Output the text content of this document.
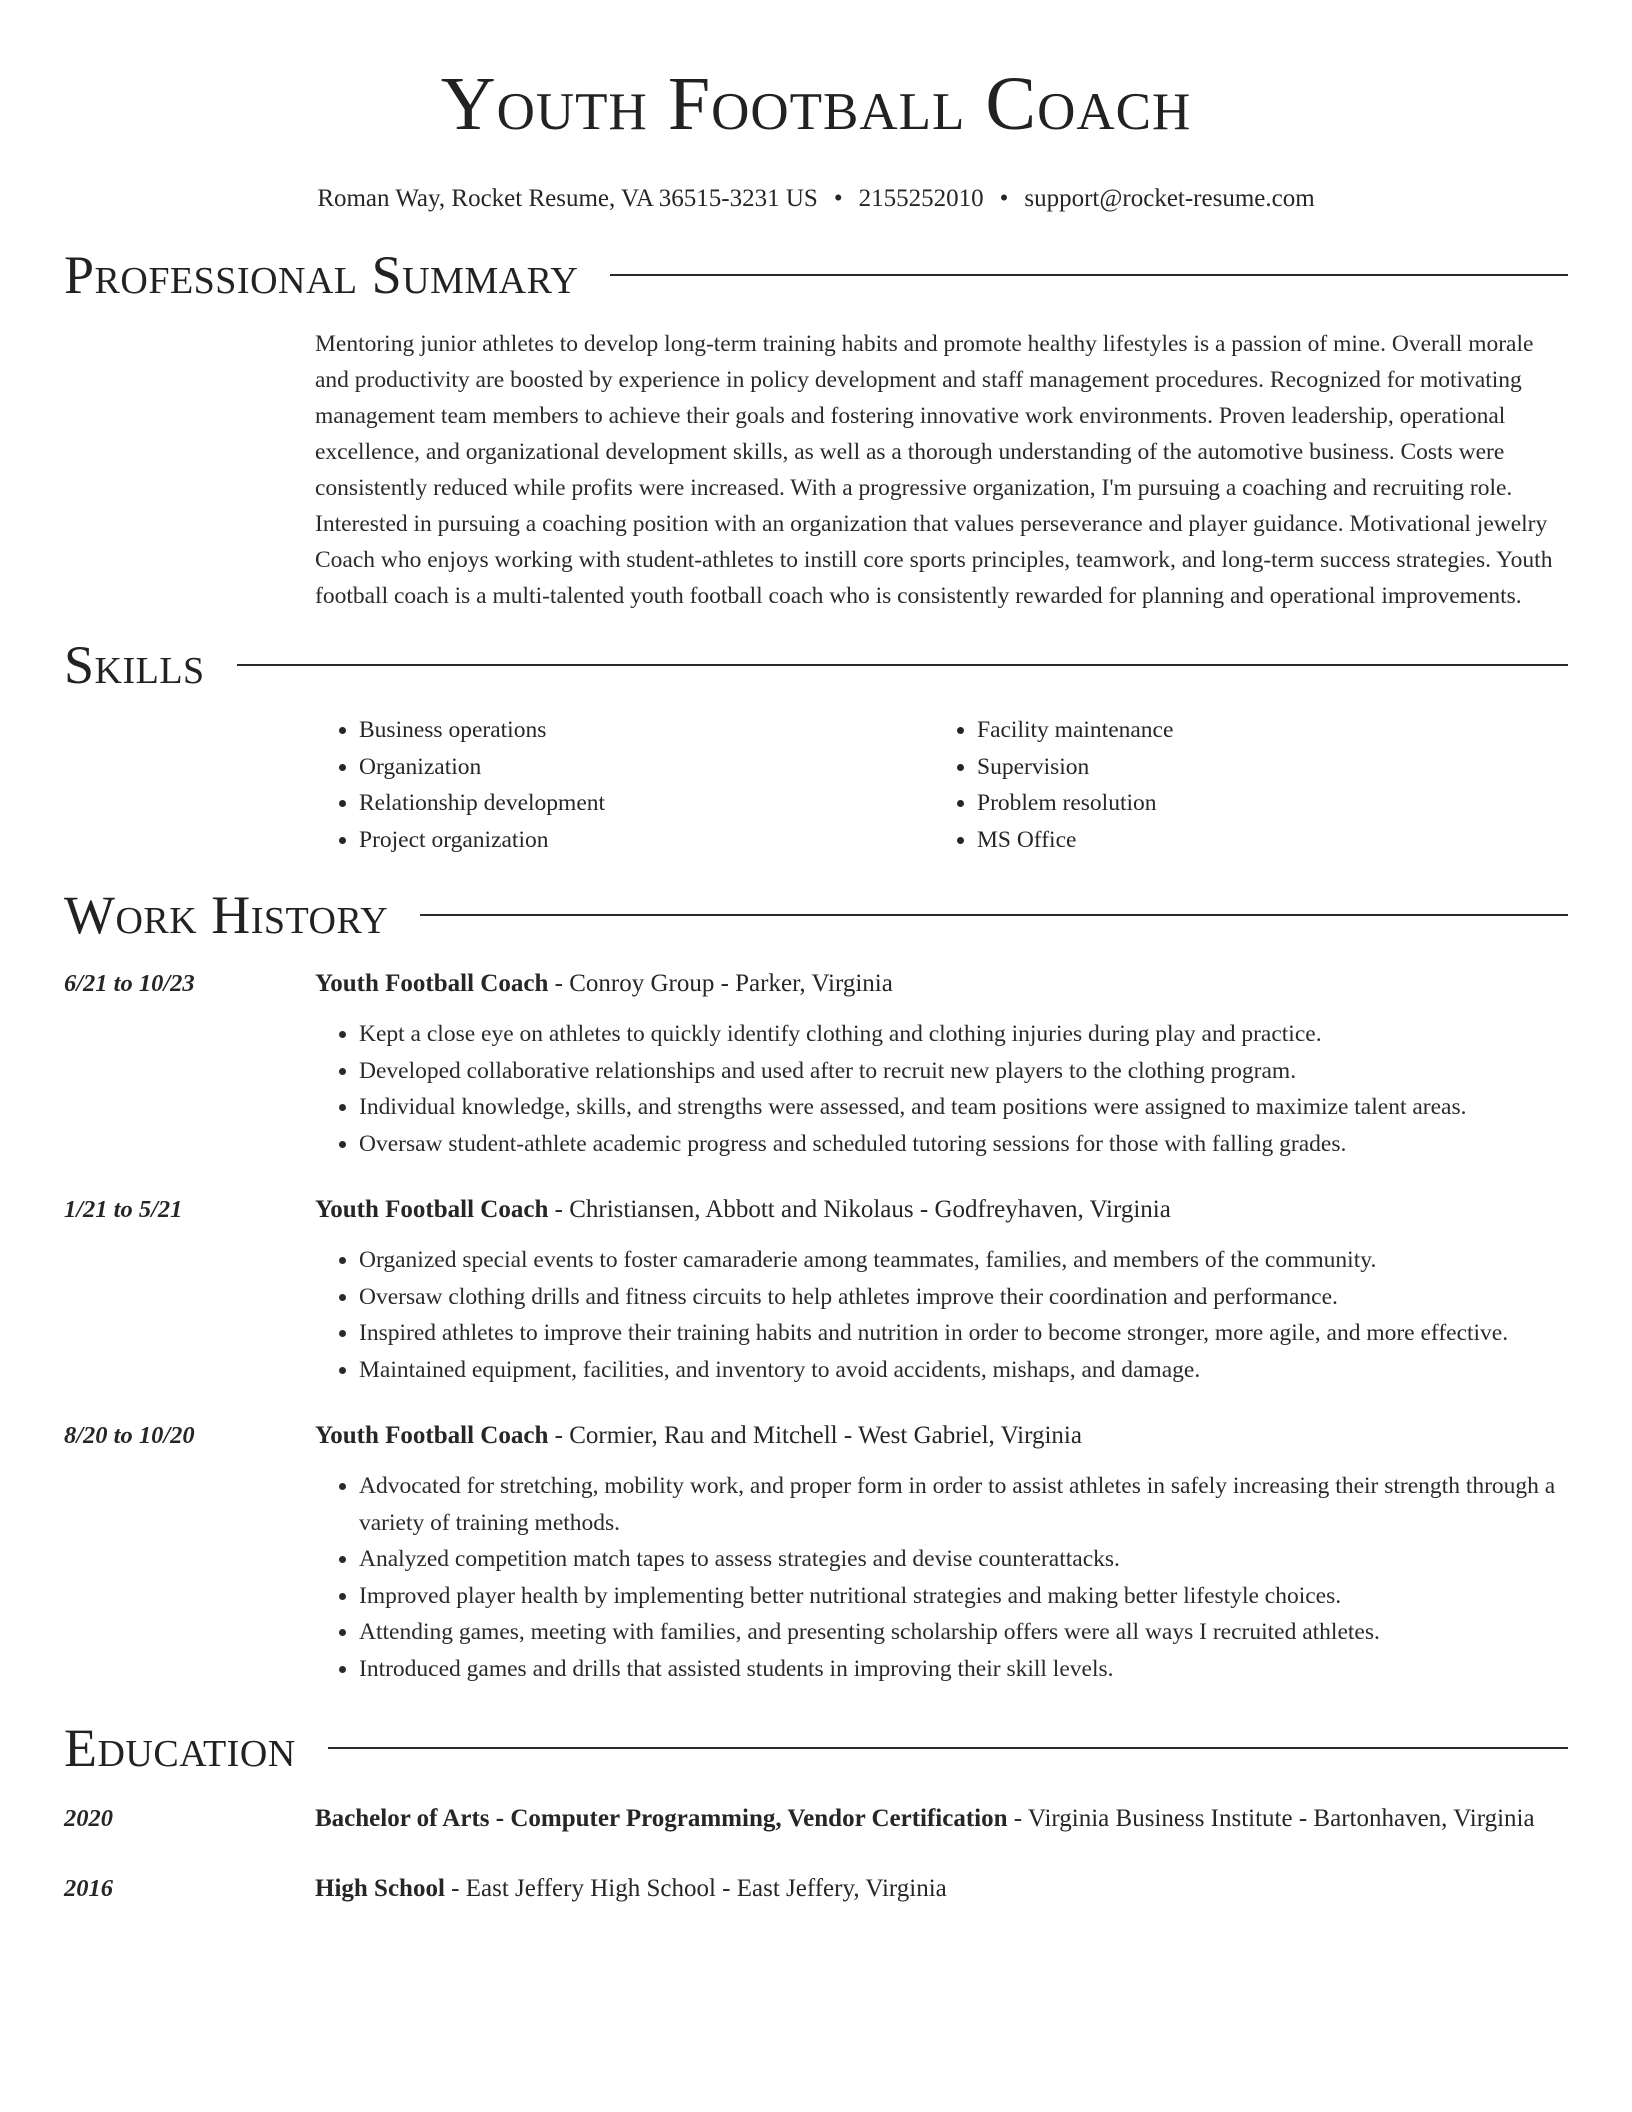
Youth Football Coach
Roman Way, Rocket Resume, VA 36515-3231 US • 2155252010 • support@rocket-resume.com
Professional Summary

Mentoring junior athletes to develop long-term training habits and promote healthy lifestyles is a passion of mine. Overall morale and productivity are boosted by experience in policy development and staff management procedures. Recognized for motivating management team members to achieve their goals and fostering innovative work environments. Proven leadership, operational excellence, and organizational development skills, as well as a thorough understanding of the automotive business. Costs were consistently reduced while profits were increased. With a progressive organization, I'm pursuing a coaching and recruiting role. Interested in pursuing a coaching position with an organization that values perseverance and player guidance. Motivational jewelry Coach who enjoys working with student-athletes to instill core sports principles, teamwork, and long-term success strategies. Youth football coach is a multi-talented youth football coach who is consistently rewarded for planning and operational improvements.

Skills
• Business operations
• Organization
• Relationship development
• Project organization
• Facility maintenance
• Supervision
• Problem resolution
• MS Office
Work History
6/21 to 10/23	Youth Football Coach - Conroy Group - Parker, Virginia
• Kept a close eye on athletes to quickly identify clothing and clothing injuries during play and practice.
• Developed collaborative relationships and used after to recruit new players to the clothing program.
• Individual knowledge, skills, and strengths were assessed, and team positions were assigned to maximize talent areas.
• Oversaw student-athlete academic progress and scheduled tutoring sessions for those with falling grades.
1/21 to 5/21	Youth Football Coach - Christiansen, Abbott and Nikolaus - Godfreyhaven, Virginia
• Organized special events to foster camaraderie among teammates, families, and members of the community.
• Oversaw clothing drills and fitness circuits to help athletes improve their coordination and performance.
• Inspired athletes to improve their training habits and nutrition in order to become stronger, more agile, and more effective.
• Maintained equipment, facilities, and inventory to avoid accidents, mishaps, and damage.
8/20 to 10/20	Youth Football Coach - Cormier, Rau and Mitchell - West Gabriel, Virginia
• Advocated for stretching, mobility work, and proper form in order to assist athletes in safely increasing their strength through a variety of training methods.
• Analyzed competition match tapes to assess strategies and devise counterattacks.
• Improved player health by implementing better nutritional strategies and making better lifestyle choices.
• Attending games, meeting with families, and presenting scholarship offers were all ways I recruited athletes.
• Introduced games and drills that assisted students in improving their skill levels.
Education
2020	Bachelor of Arts - Computer Programming, Vendor Certification - Virginia Business Institute - Bartonhaven, Virginia
2016	High School - East Jeffery High School - East Jeffery, Virginia
